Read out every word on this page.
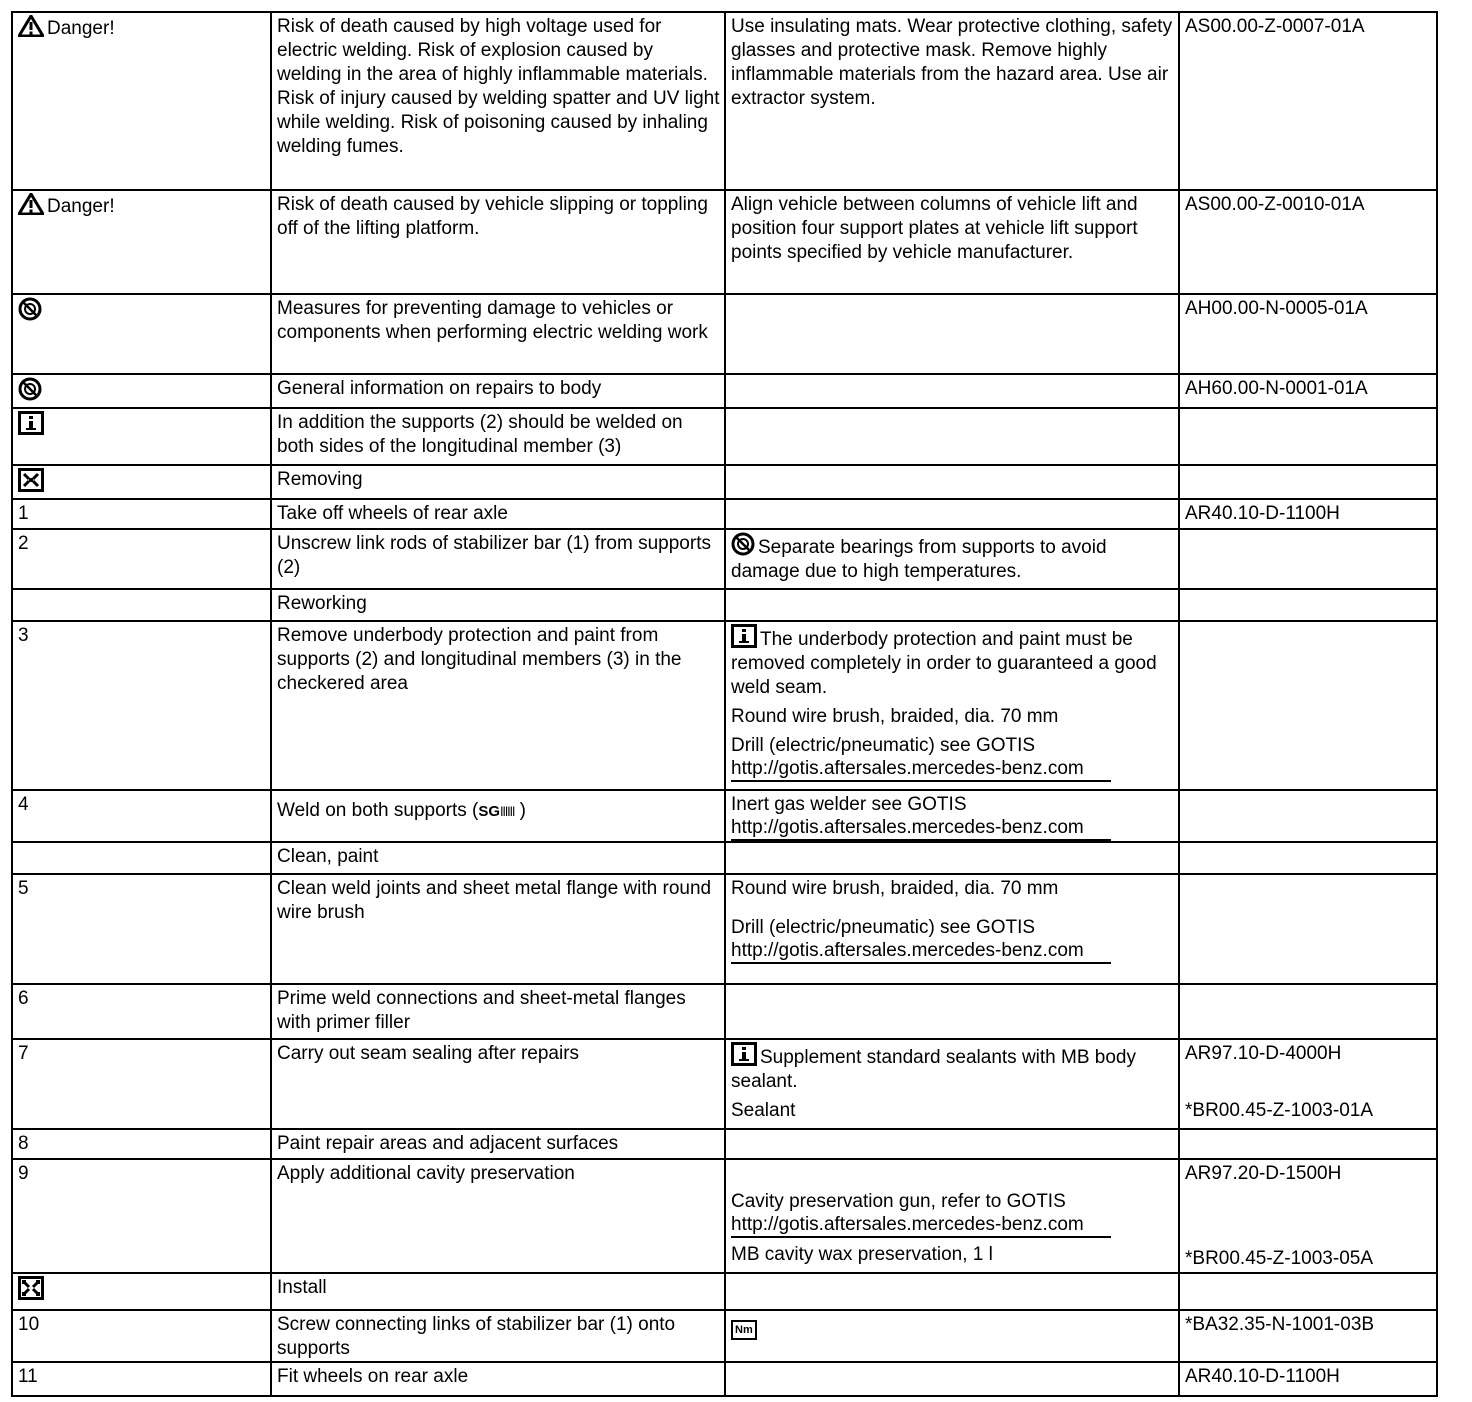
Danger!	Risk of death caused by high voltage used for electric welding. Risk of explosion caused by welding in the area of highly inflammable materials. Risk of injury caused by welding spatter and UV light while welding. Risk of poisoning caused by inhaling welding fumes.	Use insulating mats. Wear protective clothing, safety glasses and protective mask. Remove highly inflammable materials from the hazard area. Use air extractor system.	AS00.00-Z-0007-01A
Danger!	Risk of death caused by vehicle slipping or toppling off of the lifting platform.	Align vehicle between columns of vehicle lift and position four support plates at vehicle lift support points specified by vehicle manufacturer.	AS00.00-Z-0010-01A
	Measures for preventing damage to vehicles or components when performing electric welding work		AH00.00-N-0005-01A
	General information on repairs to body		AH60.00-N-0001-01A
	In addition the supports (2) should be welded on both sides of the longitudinal member (3)		
	Removing		
1	Take off wheels of rear axle		AR40.10-D-1100H
2	Unscrew link rods of stabilizer bar (1) from supports (2)	Separate bearings from supports to avoid damage due to high temperatures.	
	Reworking		
3	Remove underbody protection and paint from supports (2) and longitudinal members (3) in the checkered area	The underbody protection and paint must be removed completely in order to guaranteed a good weld seam.
Round wire brush, braided, dia. 70 mm
Drill (electric/pneumatic) see GOTIS
http://gotis.aftersales.mercedes-benz.com	

4	Weld on both supports (SGǀǀǀǀǀǀ )	Inert gas welder see GOTIS
http://gotis.aftersales.mercedes-benz.com	

	Clean, paint		
5	Clean weld joints and sheet metal flange with round wire brush	Round wire brush, braided, dia. 70 mm
Drill (electric/pneumatic) see GOTIS
http://gotis.aftersales.mercedes-benz.com	

6	Prime weld connections and sheet-metal flanges with primer filler		
7	Carry out seam sealing after repairs	Supplement standard sealants with MB body sealant.
Sealant	AR97.10-D-4000H
*BR00.45-Z-1003-01A
8	Paint repair areas and adjacent surfaces		
9	Apply additional cavity preservation	Cavity preservation gun, refer to GOTIS
http://gotis.aftersales.mercedes-benz.com
MB cavity wax preservation, 1 l	AR97.20-D-1500H
*BR00.45-Z-1003-05A
	Install		
10	Screw connecting links of stabilizer bar (1) onto supports	Nm	*BA32.35-N-1001-03B
11	Fit wheels on rear axle		AR40.10-D-1100H
